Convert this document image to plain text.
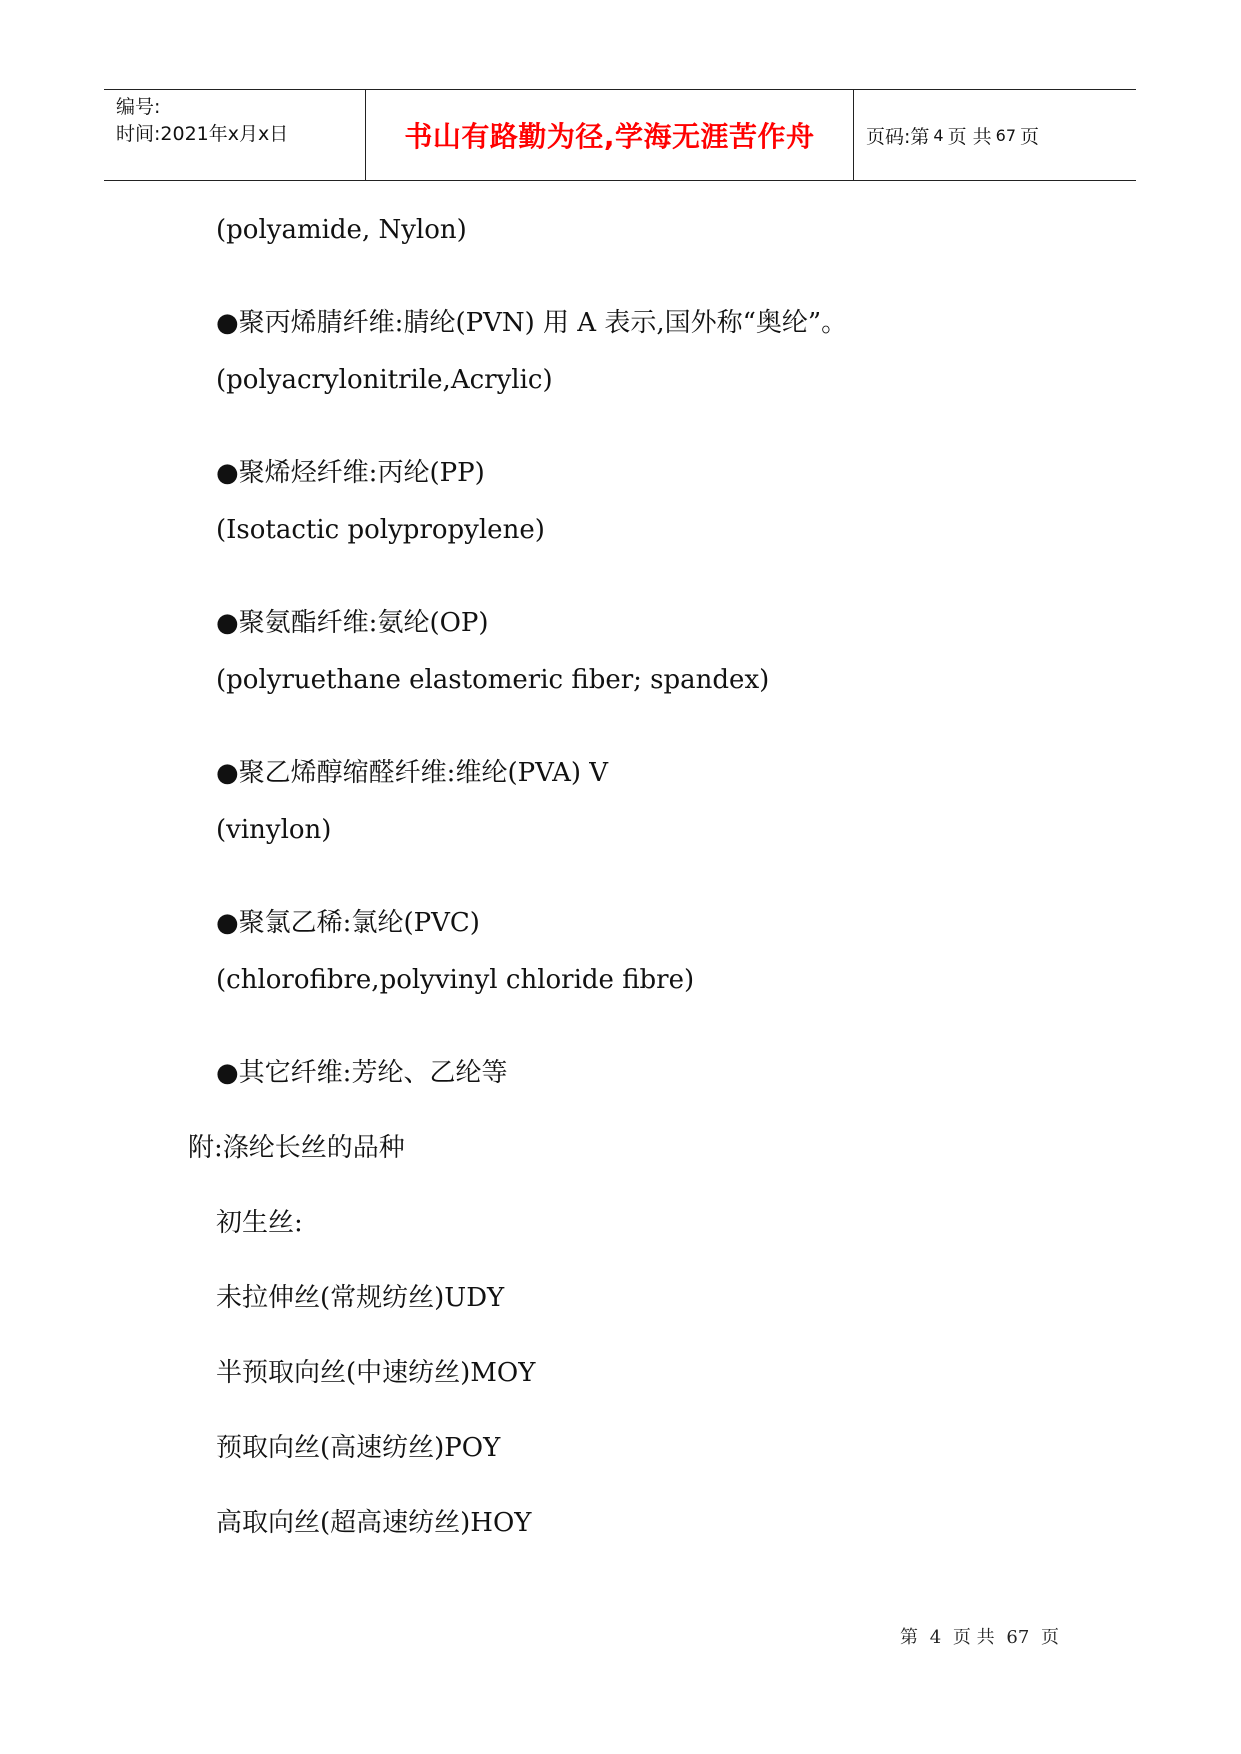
编号:
时间:2021年x月x日	书山有路勤为径,学海无涯苦作舟	页码:第 4 页 共 67 页
(polyamide, Nylon)
●聚丙烯腈纤维:腈纶(PVN) 用 A 表示,国外称“奥纶”。
(polyacrylonitrile,Acrylic)
●聚烯烃纤维:丙纶(PP)
(Isotactic polypropylene)
●聚氨酯纤维:氨纶(OP)
(polyruethane elastomeric fiber; spandex)
●聚乙烯醇缩醛纤维:维纶(PVA) V
(vinylon)
●聚氯乙稀:氯纶(PVC)
(chlorofibre,polyvinyl chloride fibre)
●其它纤维:芳纶、乙纶等
附:涤纶长丝的品种
初生丝:
未拉伸丝(常规纺丝)UDY
半预取向丝(中速纺丝)MOY
预取向丝(高速纺丝)POY
高取向丝(超高速纺丝)HOY
第 4 页 共 67 页
